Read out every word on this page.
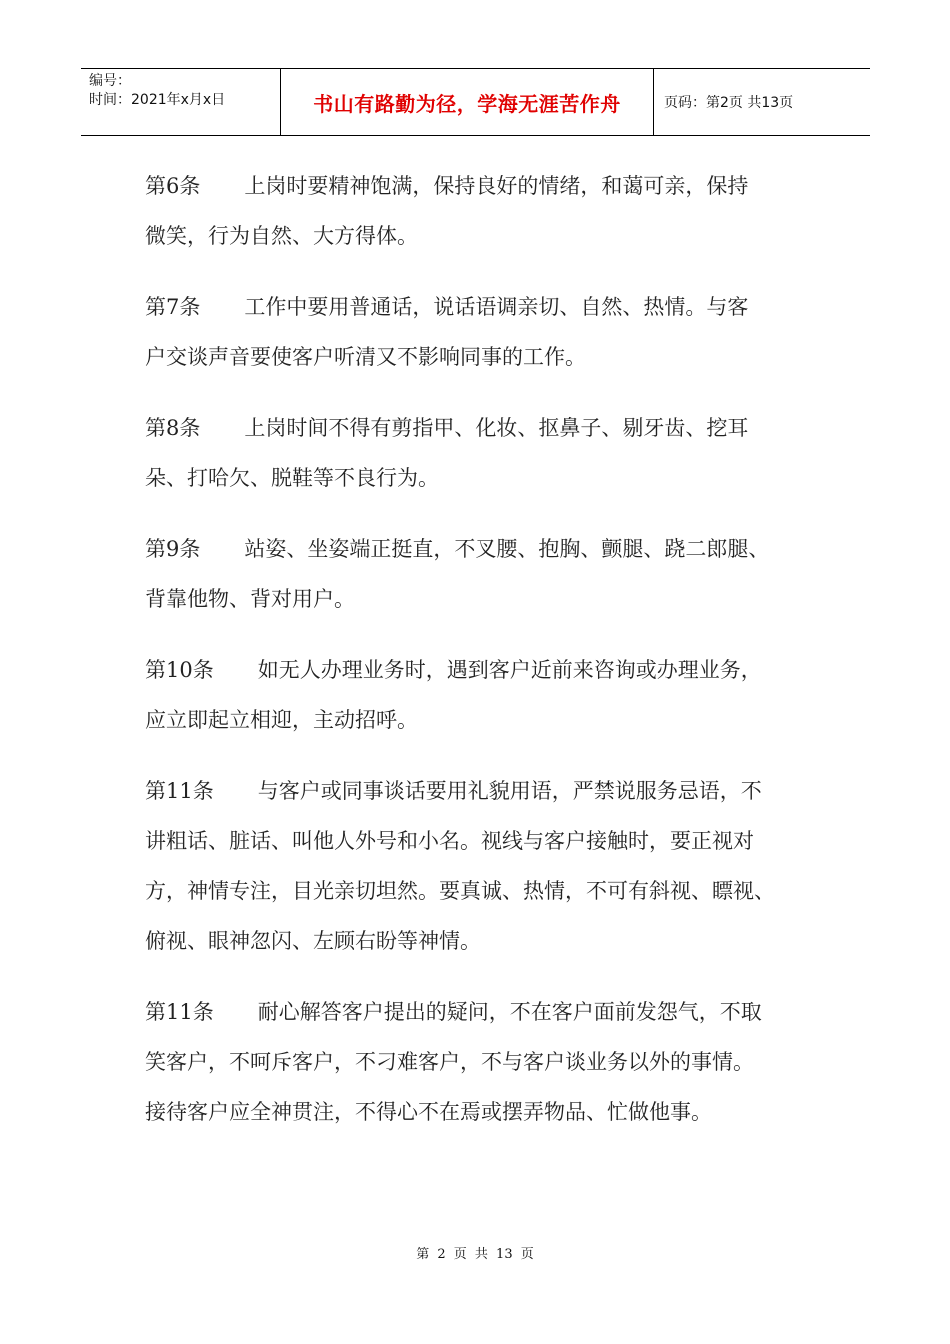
编号：
时间：2021年x月x日	书山有路勤为径，学海无涯苦作舟	页码：第2页 共13页
第6条 上岗时要精神饱满，保持良好的情绪，和蔼可亲，保持
微笑，行为自然、大方得体。
第7条 工作中要用普通话，说话语调亲切、自然、热情。与客
户交谈声音要使客户听清又不影响同事的工作。
第8条 上岗时间不得有剪指甲、化妆、抠鼻子、剔牙齿、挖耳
朵、打哈欠、脱鞋等不良行为。
第9条 站姿、坐姿端正挺直，不叉腰、抱胸、颤腿、跷二郎腿、
背靠他物、背对用户。
第10条 如无人办理业务时，遇到客户近前来咨询或办理业务，
应立即起立相迎，主动招呼。
第11条 与客户或同事谈话要用礼貌用语，严禁说服务忌语，不
讲粗话、脏话、叫他人外号和小名。视线与客户接触时，要正视对
方，神情专注，目光亲切坦然。要真诚、热情，不可有斜视、瞟视、
俯视、眼神忽闪、左顾右盼等神情。
第11条 耐心解答客户提出的疑问，不在客户面前发怨气，不取
笑客户，不呵斥客户，不刁难客户，不与客户谈业务以外的事情。
接待客户应全神贯注，不得心不在焉或摆弄物品、忙做他事。
第 2 页 共 13 页
